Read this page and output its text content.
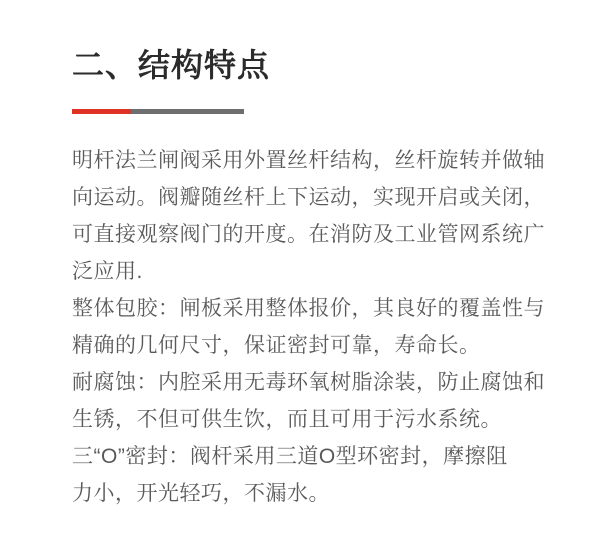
二、结构特点
明杆法兰闸阀采用外置丝杆结构，丝杆旋转并做轴
向运动。阀瓣随丝杆上下运动，实现开启或关闭，
可直接观察阀门的开度。在消防及工业管网系统广
泛应用.
整体包胶：闸板采用整体报价，其良好的覆盖性与
精确的几何尺寸，保证密封可靠，寿命长。
耐腐蚀：内腔采用无毒环氧树脂涂装，防止腐蚀和
生锈，不但可供生饮，而且可用于污水系统。
三“O”密封：阀杆采用三道O型环密封，摩擦阻
力小，开光轻巧，不漏水。
